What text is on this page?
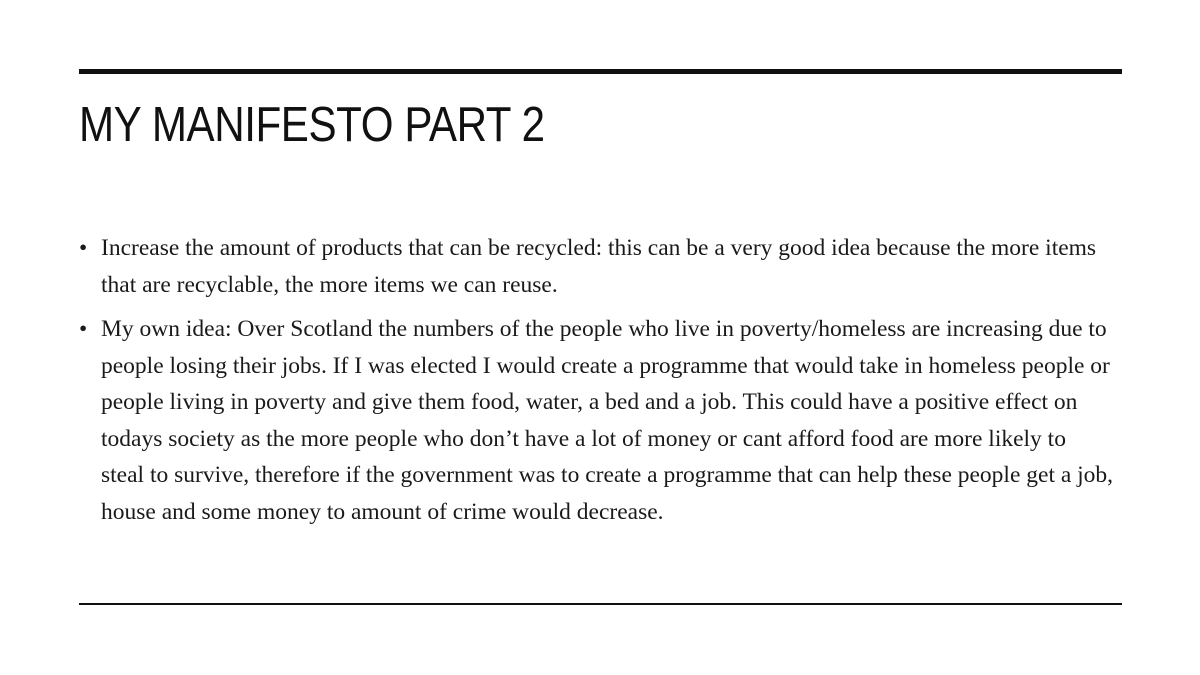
MY MANIFESTO PART 2
• Increase the amount of products that can be recycled: this can be a very good idea because the more items that are recyclable, the more items we can reuse.
• My own idea: Over Scotland the numbers of the people who live in poverty/homeless are increasing due to people losing their jobs. If I was elected I would create a programme that would take in homeless people or people living in poverty and give them food, water, a bed and a job. This could have a positive effect on todays society as the more people who don’t have a lot of money or cant afford food are more likely to steal to survive, therefore if the government was to create a programme that can help these people get a job, house and some money to amount of crime would decrease.
